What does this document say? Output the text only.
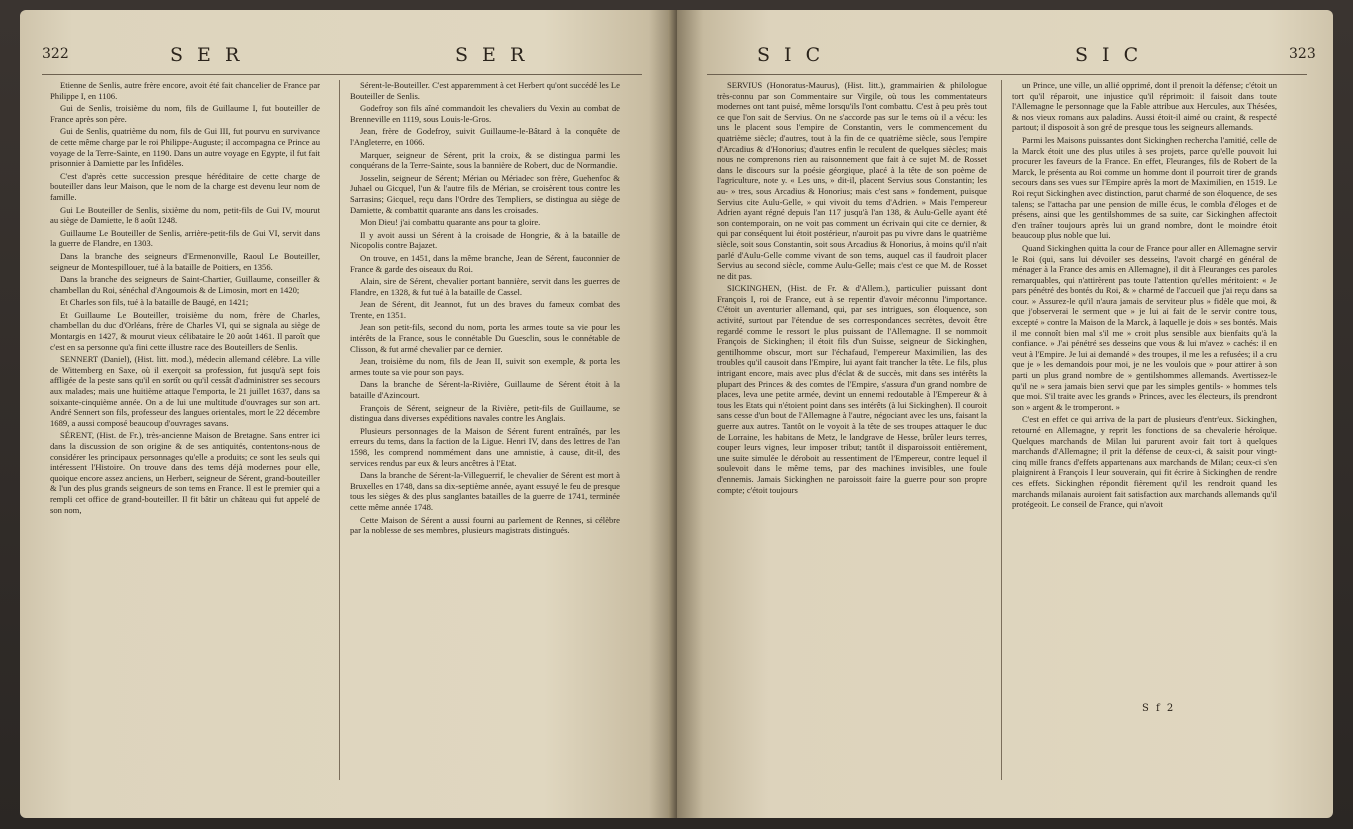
322	S E R	S E R

Etienne de Senlis, autre frère encore, avoit été fait chancelier de France par Philippe I, en 1106.

Gui de Senlis, troisième du nom, fils de Guillaume I, fut bouteiller de France après son père.

Gui de Senlis, quatrième du nom, fils de Gui III, fut pourvu en survivance de cette même charge par le roi Philippe-Auguste; il accompagna ce Prince au voyage de la Terre-Sainte, en 1190. Dans un autre voyage en Egypte, il fut fait prisonnier à Damiette par les Infidèles.

C'est d'après cette succession presque héréditaire de cette charge de bouteiller dans leur Maison, que le nom de la charge est devenu leur nom de famille.

Gui Le Bouteiller de Senlis, sixième du nom, petit-fils de Gui IV, mourut au siège de Damiette, le 8 août 1248.

Guillaume Le Bouteiller de Senlis, arrière-petit-fils de Gui VI, servit dans la guerre de Flandre, en 1303.

Dans la branche des seigneurs d'Ermenonville, Raoul Le Bouteiller, seigneur de Montespillouer, tué à la bataille de Poitiers, en 1356.

Dans la branche des seigneurs de Saint-Chartier, Guillaume, conseiller & chambellan du Roi, sénéchal d'Angoumois & de Limosin, mort en 1420;

Et Charles son fils, tué à la bataille de Baugé, en 1421;

Et Guillaume Le Bouteiller, troisième du nom, frère de Charles, chambellan du duc d'Orléans, frère de Charles VI, qui se signala au siège de Montargis en 1427, & mourut vieux célibataire le 20 août 1461. Il paroît que c'est en sa personne qu'a fini cette illustre race des Bouteillers de Senlis.

SENNERT (Daniel), (Hist. litt. mod.), médecin allemand célèbre. La ville de Wittemberg en Saxe, où il exerçoit sa profession, fut jusqu'à sept fois affligée de la peste sans qu'il en sortît ou qu'il cessât d'administrer ses secours aux malades; mais une huitième attaque l'emporta, le 21 juillet 1637, dans sa soixante-cinquième année. On a de lui une multitude d'ouvrages sur son art. André Sennert son fils, professeur des langues orientales, mort le 22 décembre 1689, a aussi composé beaucoup d'ouvrages savans.

SÉRENT, (Hist. de Fr.), très-ancienne Maison de Bretagne. Sans entrer ici dans la discussion de son origine & de ses antiquités, contentons-nous de considérer les principaux personnages qu'elle a produits; ce sont les seuls qui intéressent l'Histoire. On trouve dans des tems déjà modernes pour elle, quoique encore assez anciens, un Herbert, seigneur de Sérent, grand-bouteiller & l'un des plus grands seigneurs de son tems en France. Il est le premier qui a rempli cet office de grand-bouteiller. Il fit bâtir un château qui fut appelé de son nom,

Sérent-le-Bouteiller. C'est apparemment à cet Herbert qu'ont succédé les Le Bouteiller de Senlis.

Godefroy son fils aîné commandoit les chevaliers du Vexin au combat de Brenneville en 1119, sous Louis-le-Gros.

Jean, frère de Godefroy, suivit Guillaume-le-Bâtard à la conquête de l'Angleterre, en 1066.

Marquer, seigneur de Sérent, prit la croix, & se distingua parmi les conquérans de la Terre-Sainte, sous la bannière de Robert, duc de Normandie.

Josselin, seigneur de Sérent; Mérian ou Mériadec son frère, Guehenfoc & Juhael ou Gicquel, l'un & l'autre fils de Mérian, se croisèrent tous contre les Sarrasins; Gicquel, reçu dans l'Ordre des Templiers, se distingua au siège de Damiette, & combattit quarante ans dans les croisades.

Mon Dieu! j'ai combattu quarante ans pour ta gloire.

Il y avoit aussi un Sérent à la croisade de Hongrie, & à la bataille de Nicopolis contre Bajazet.

On trouve, en 1451, dans la même branche, Jean de Sérent, fauconnier de France & garde des oiseaux du Roi.

Alain, sire de Sérent, chevalier portant bannière, servit dans les guerres de Flandre, en 1328, & fut tué à la bataille de Cassel.

Jean de Sérent, dit Jeannot, fut un des braves du fameux combat des Trente, en 1351.

Jean son petit-fils, second du nom, porta les armes toute sa vie pour les intérêts de la France, sous le connétable Du Guesclin, sous le connétable de Clisson, & fut armé chevalier par ce dernier.

Jean, troisième du nom, fils de Jean II, suivit son exemple, & porta les armes toute sa vie pour son pays.

Dans la branche de Sérent-la-Rivière, Guillaume de Sérent étoit à la bataille d'Azincourt.

François de Sérent, seigneur de la Rivière, petit-fils de Guillaume, se distingua dans diverses expéditions navales contre les Anglais.

Plusieurs personnages de la Maison de Sérent furent entraînés, par les erreurs du tems, dans la faction de la Ligue. Henri IV, dans des lettres de l'an 1598, les comprend nommément dans une amnistie, à cause, dit-il, des services rendus par eux & leurs ancêtres à l'Etat.

Dans la branche de Sérent-la-Villeguerrif, le chevalier de Sérent est mort à Bruxelles en 1748, dans sa dix-septième année, ayant essuyé le feu de presque tous les sièges & des plus sanglantes batailles de la guerre de 1741, terminée cette même année 1748.

Cette Maison de Sérent a aussi fourni au parlement de Rennes, si célèbre par la noblesse de ses membres, plusieurs magistrats distingués.

S I C	S I C	323

SERVIUS (Honoratus-Maurus), (Hist. litt.), grammairien & philologue très-connu par son Commentaire sur Virgile, où tous les commentateurs modernes ont tant puisé, même lorsqu'ils l'ont combattu. C'est à peu près tout ce que l'on sait de Servius. On ne s'accorde pas sur le tems où il a vécu: les uns le placent sous l'empire de Constantin, vers le commencement du quatrième siècle; d'autres, tout à la fin de ce quatrième siècle, sous l'empire d'Arcadius & d'Honorius; d'autres enfin le reculent de quelques siècles; mais nous ne comprenons rien au raisonnement que fait à ce sujet M. de Rosset dans le discours sur la poésie géorgique, placé à la tête de son poème de l'agriculture, note y. « Les uns, » dit-il, placent Servius sous Constantin; les au- » tres, sous Arcadius & Honorius; mais c'est sans » fondement, puisque Servius cite Aulu-Gelle, » qui vivoit du tems d'Adrien. » Mais l'empereur Adrien ayant régné depuis l'an 117 jusqu'à l'an 138, & Aulu-Gelle ayant été son contemporain, on ne voit pas comment un écrivain qui cite ce dernier, & qui par conséquent lui étoit postérieur, n'auroit pas pu vivre dans le quatrième siècle, soit sous Constantin, soit sous Arcadius & Honorius, à moins qu'il n'ait parlé d'Aulu-Gelle comme vivant de son tems, auquel cas il faudroit placer Servius au second siècle, comme Aulu-Gelle; mais c'est ce que M. de Rosset ne dit pas.

SICKINGHEN, (Hist. de Fr. & d'Allem.), particulier puissant dont François I, roi de France, eut à se repentir d'avoir méconnu l'importance. C'étoit un aventurier allemand, qui, par ses intrigues, son éloquence, son activité, surtout par l'étendue de ses correspondances secrètes, devoit être regardé comme le ressort le plus puissant de l'Allemagne. Il se nommoit François de Sickinghen; il étoit fils d'un Suisse, seigneur de Sickinghen, gentilhomme obscur, mort sur l'échafaud, l'empereur Maximilien, las des troubles qu'il causoit dans l'Empire, lui ayant fait trancher la tête. Le fils, plus intrigant encore, mais avec plus d'éclat & de succès, mit dans ses intérêts la plupart des Princes & des comtes de l'Empire, s'assura d'un grand nombre de places, leva une petite armée, devint un ennemi redoutable à l'Empereur & à tous les Etats qui n'étoient point dans ses intérêts (à lui Sickinghen). Il couroit sans cesse d'un bout de l'Allemagne à l'autre, négociant avec les uns, faisant la guerre aux autres. Tantôt on le voyoit à la tête de ses troupes attaquer le duc de Lorraine, les habitans de Metz, le landgrave de Hesse, brûler leurs terres, couper leurs vignes, leur imposer tribut; tantôt il disparoissoit entièrement, une suite simulée le déroboit au ressentiment de l'Empereur, contre lequel il soulevoit dans le même tems, par des machines invisibles, une foule d'ennemis. Jamais Sickinghen ne paroissoit faire la guerre pour son propre compte; c'étoit toujours

un Prince, une ville, un allié opprimé, dont il prenoit la défense; c'étoit un tort qu'il réparoit, une injustice qu'il réprimoit: il faisoit dans toute l'Allemagne le personnage que la Fable attribue aux Hercules, aux Thésées, & nos vieux romans aux paladins. Aussi étoit-il aimé ou craint, & respecté partout; il disposoit à son gré de presque tous les seigneurs allemands.

Parmi les Maisons puissantes dont Sickinghen rechercha l'amitié, celle de la Marck étoit une des plus utiles à ses projets, parce qu'elle pouvoit lui procurer les faveurs de la France. En effet, Fleuranges, fils de Robert de la Marck, le présenta au Roi comme un homme dont il pourroit tirer de grands secours dans ses vues sur l'Empire après la mort de Maximilien, en 1519. Le Roi reçut Sickinghen avec distinction, parut charmé de son éloquence, de ses talens; se l'attacha par une pension de mille écus, le combla d'éloges et de présens, ainsi que les gentilshommes de sa suite, car Sickinghen affectoit d'en traîner toujours après lui un grand nombre, dont le moindre étoit beaucoup plus noble que lui.

Quand Sickinghen quitta la cour de France pour aller en Allemagne servir le Roi (qui, sans lui dévoiler ses desseins, l'avoit chargé en général de ménager à la France des amis en Allemagne), il dit à Fleuranges ces paroles remarquables, qui n'attirèrent pas toute l'attention qu'elles méritoient: « Je pars pénétré des bontés du Roi, & » charmé de l'accueil que j'ai reçu dans sa cour. » Assurez-le qu'il n'aura jamais de serviteur plus » fidèle que moi, & que j'observerai le serment que » je lui ai fait de le servir contre tous, excepté » contre la Maison de la Marck, à laquelle je dois » ses bontés. Mais il me connoît bien mal s'il me » croit plus sensible aux bienfaits qu'à la confiance. » J'ai pénétré ses desseins que vous & lui m'avez » cachés: il en veut à l'Empire. Je lui ai demandé » des troupes, il me les a refusées; il a cru que je » les demandois pour moi, je ne les voulois que » pour attirer à son parti un plus grand nombre de » gentilshommes allemands. Avertissez-le qu'il ne » sera jamais bien servi que par les simples gentils- » hommes tels que moi. S'il traite avec les grands » Princes, avec les électeurs, ils prendront son » argent & le tromperont. »

C'est en effet ce qui arriva de la part de plusieurs d'entr'eux. Sickinghen, retourné en Allemagne, y reprit les fonctions de sa chevalerie héroïque. Quelques marchands de Milan lui parurent avoir fait tort à quelques marchands d'Allemagne; il prit la défense de ceux-ci, & saisit pour vingt-cinq mille francs d'effets appartenans aux marchands de Milan; ceux-ci s'en plaignirent à François I leur souverain, qui fit écrire à Sickinghen de rendre ces effets. Sickinghen répondit fièrement qu'il les rendroit quand les marchands milanais auroient fait satisfaction aux marchands allemands qu'il protégeoit. Le conseil de France, qui n'avoit

S f 2
